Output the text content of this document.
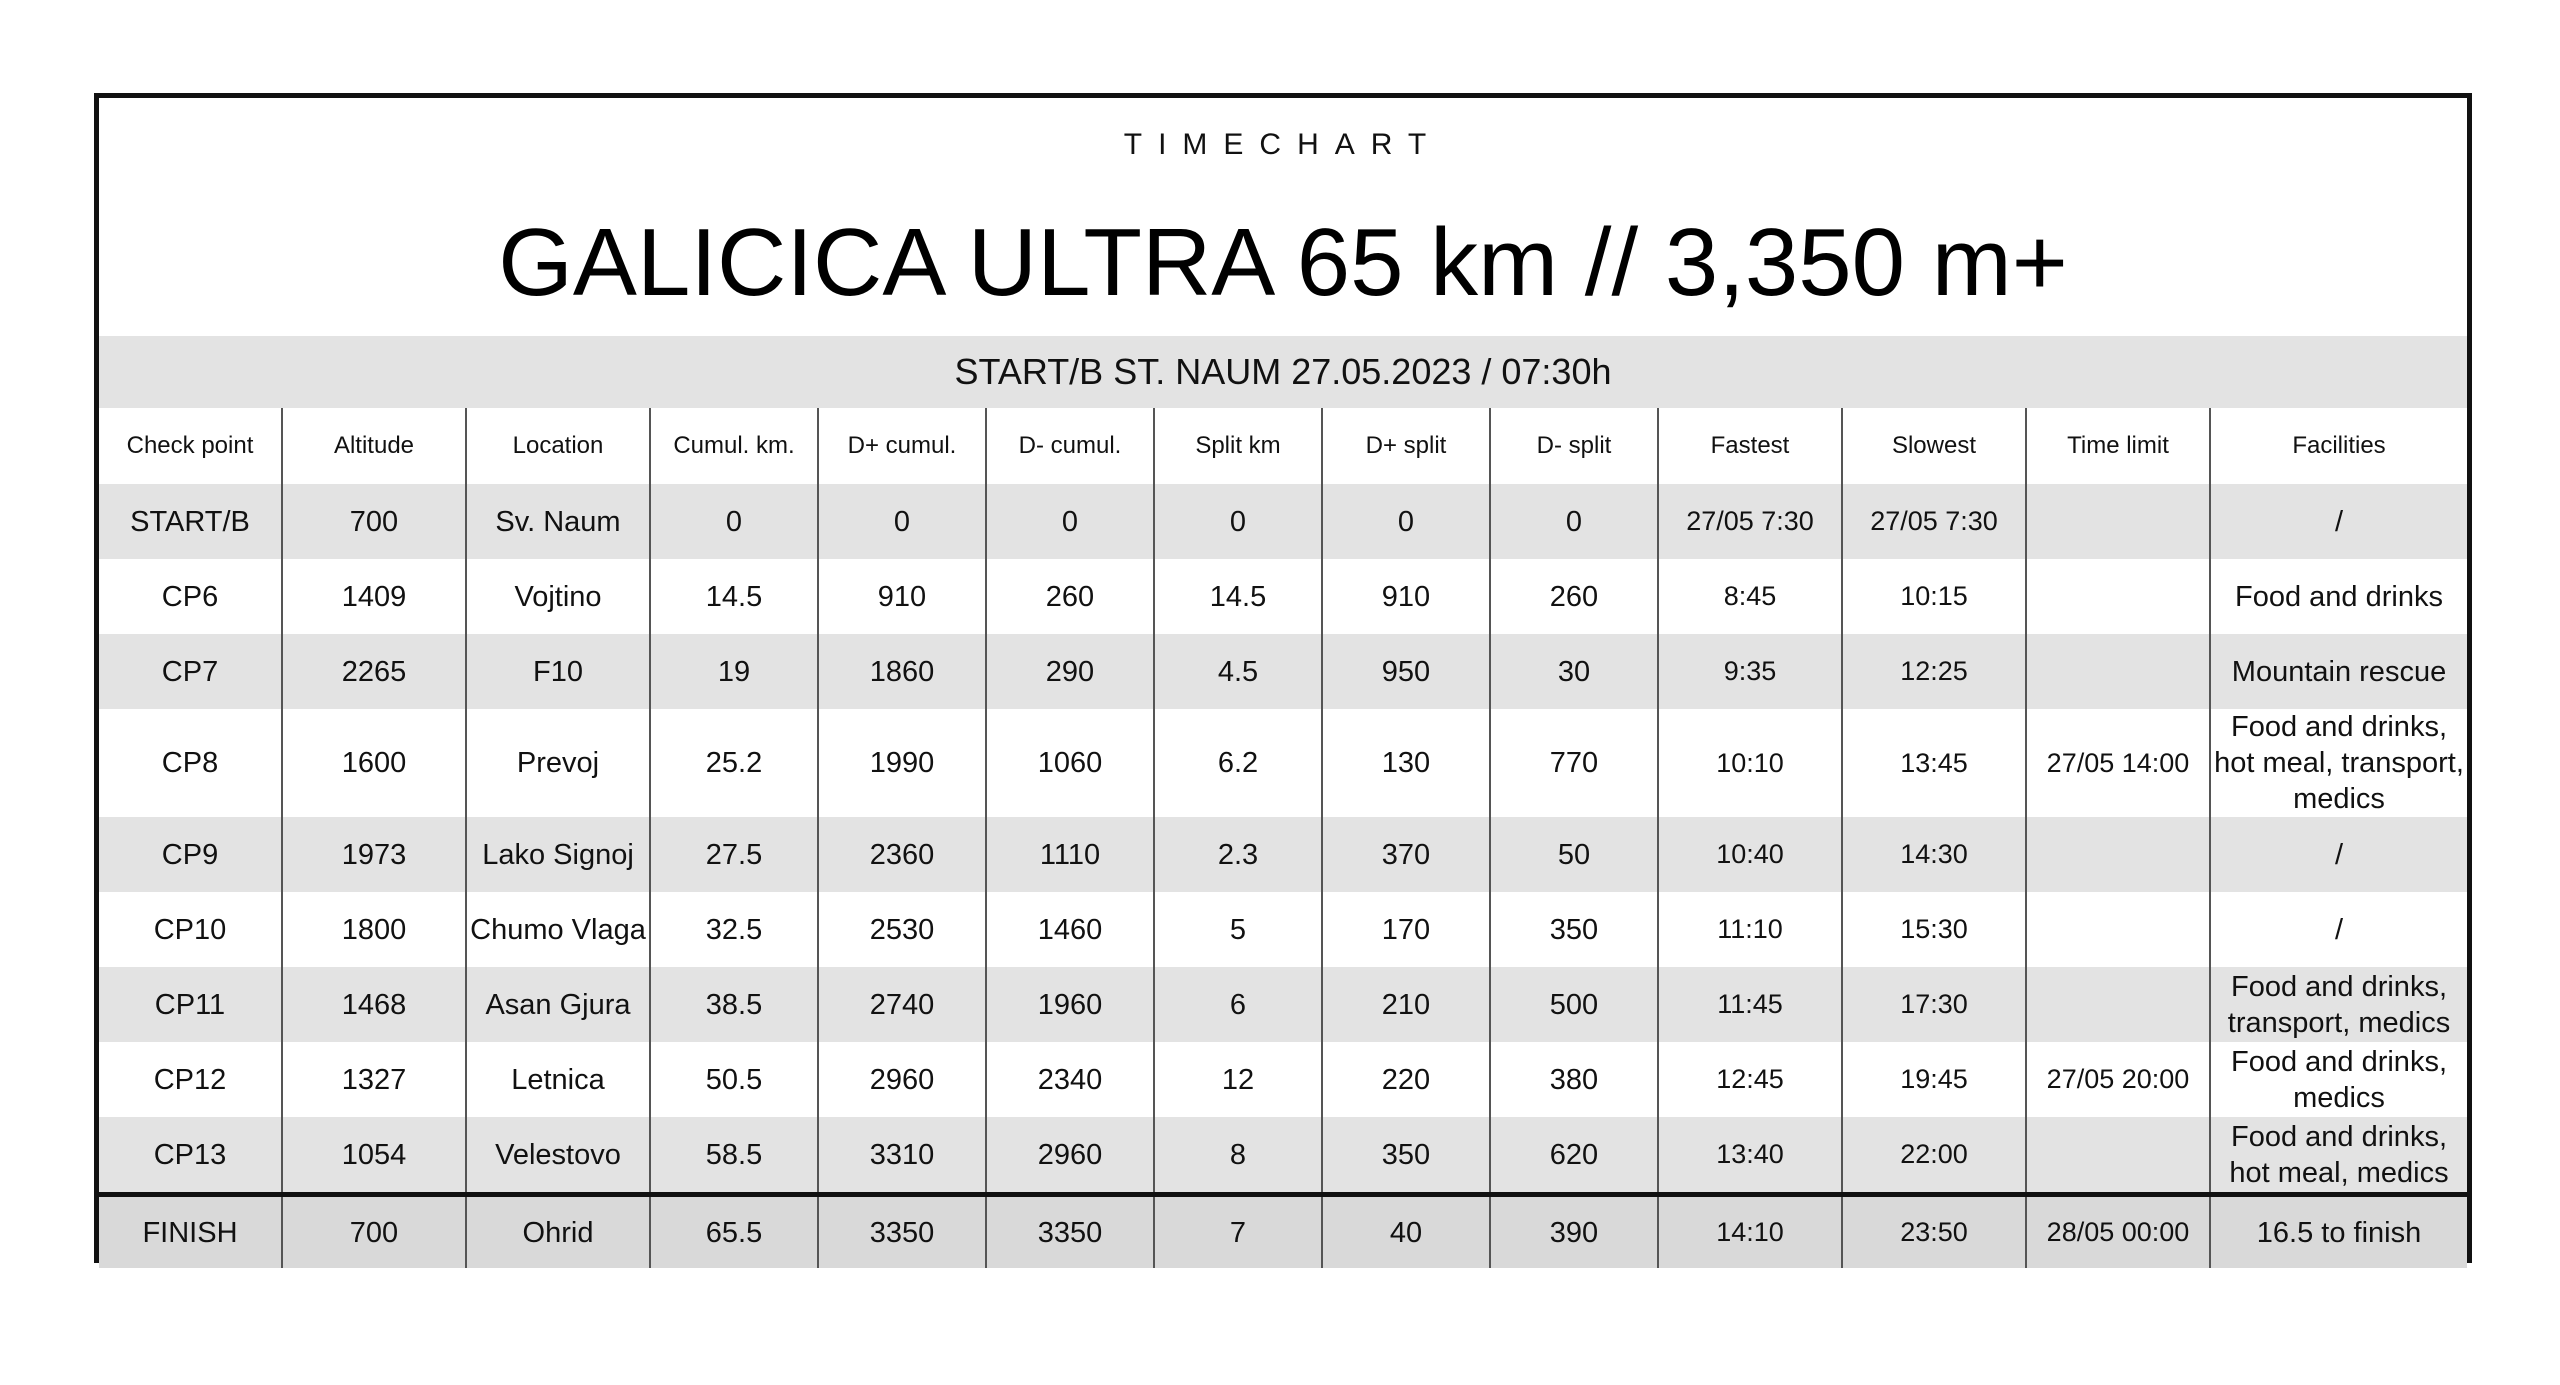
TIMECHART
GALICICA ULTRA 65 km // 3,350 m+
START/B ST. NAUM 27.05.2023 / 07:30h
Check point	Altitude	Location	Cumul. km.	D+ cumul.	D- cumul.	Split km	D+ split	D- split	Fastest	Slowest	Time limit	Facilities
START/B	700	Sv. Naum	0	0	0	0	0	0	27/05 7:30	27/05 7:30		/
CP6	1409	Vojtino	14.5	910	260	14.5	910	260	8:45	10:15		Food and drinks
CP7	2265	F10	19	1860	290	4.5	950	30	9:35	12:25		Mountain rescue
CP8	1600	Prevoj	25.2	1990	1060	6.2	130	770	10:10	13:45	27/05 14:00	Food and drinks, hot meal, transport, medics
CP9	1973	Lako Signoj	27.5	2360	1110	2.3	370	50	10:40	14:30		/
CP10	1800	Chumo Vlaga	32.5	2530	1460	5	170	350	11:10	15:30		/
CP11	1468	Asan Gjura	38.5	2740	1960	6	210	500	11:45	17:30		Food and drinks, transport, medics
CP12	1327	Letnica	50.5	2960	2340	12	220	380	12:45	19:45	27/05 20:00	Food and drinks, medics
CP13	1054	Velestovo	58.5	3310	2960	8	350	620	13:40	22:00		Food and drinks, hot meal, medics
FINISH	700	Ohrid	65.5	3350	3350	7	40	390	14:10	23:50	28/05 00:00	16.5 to finish
